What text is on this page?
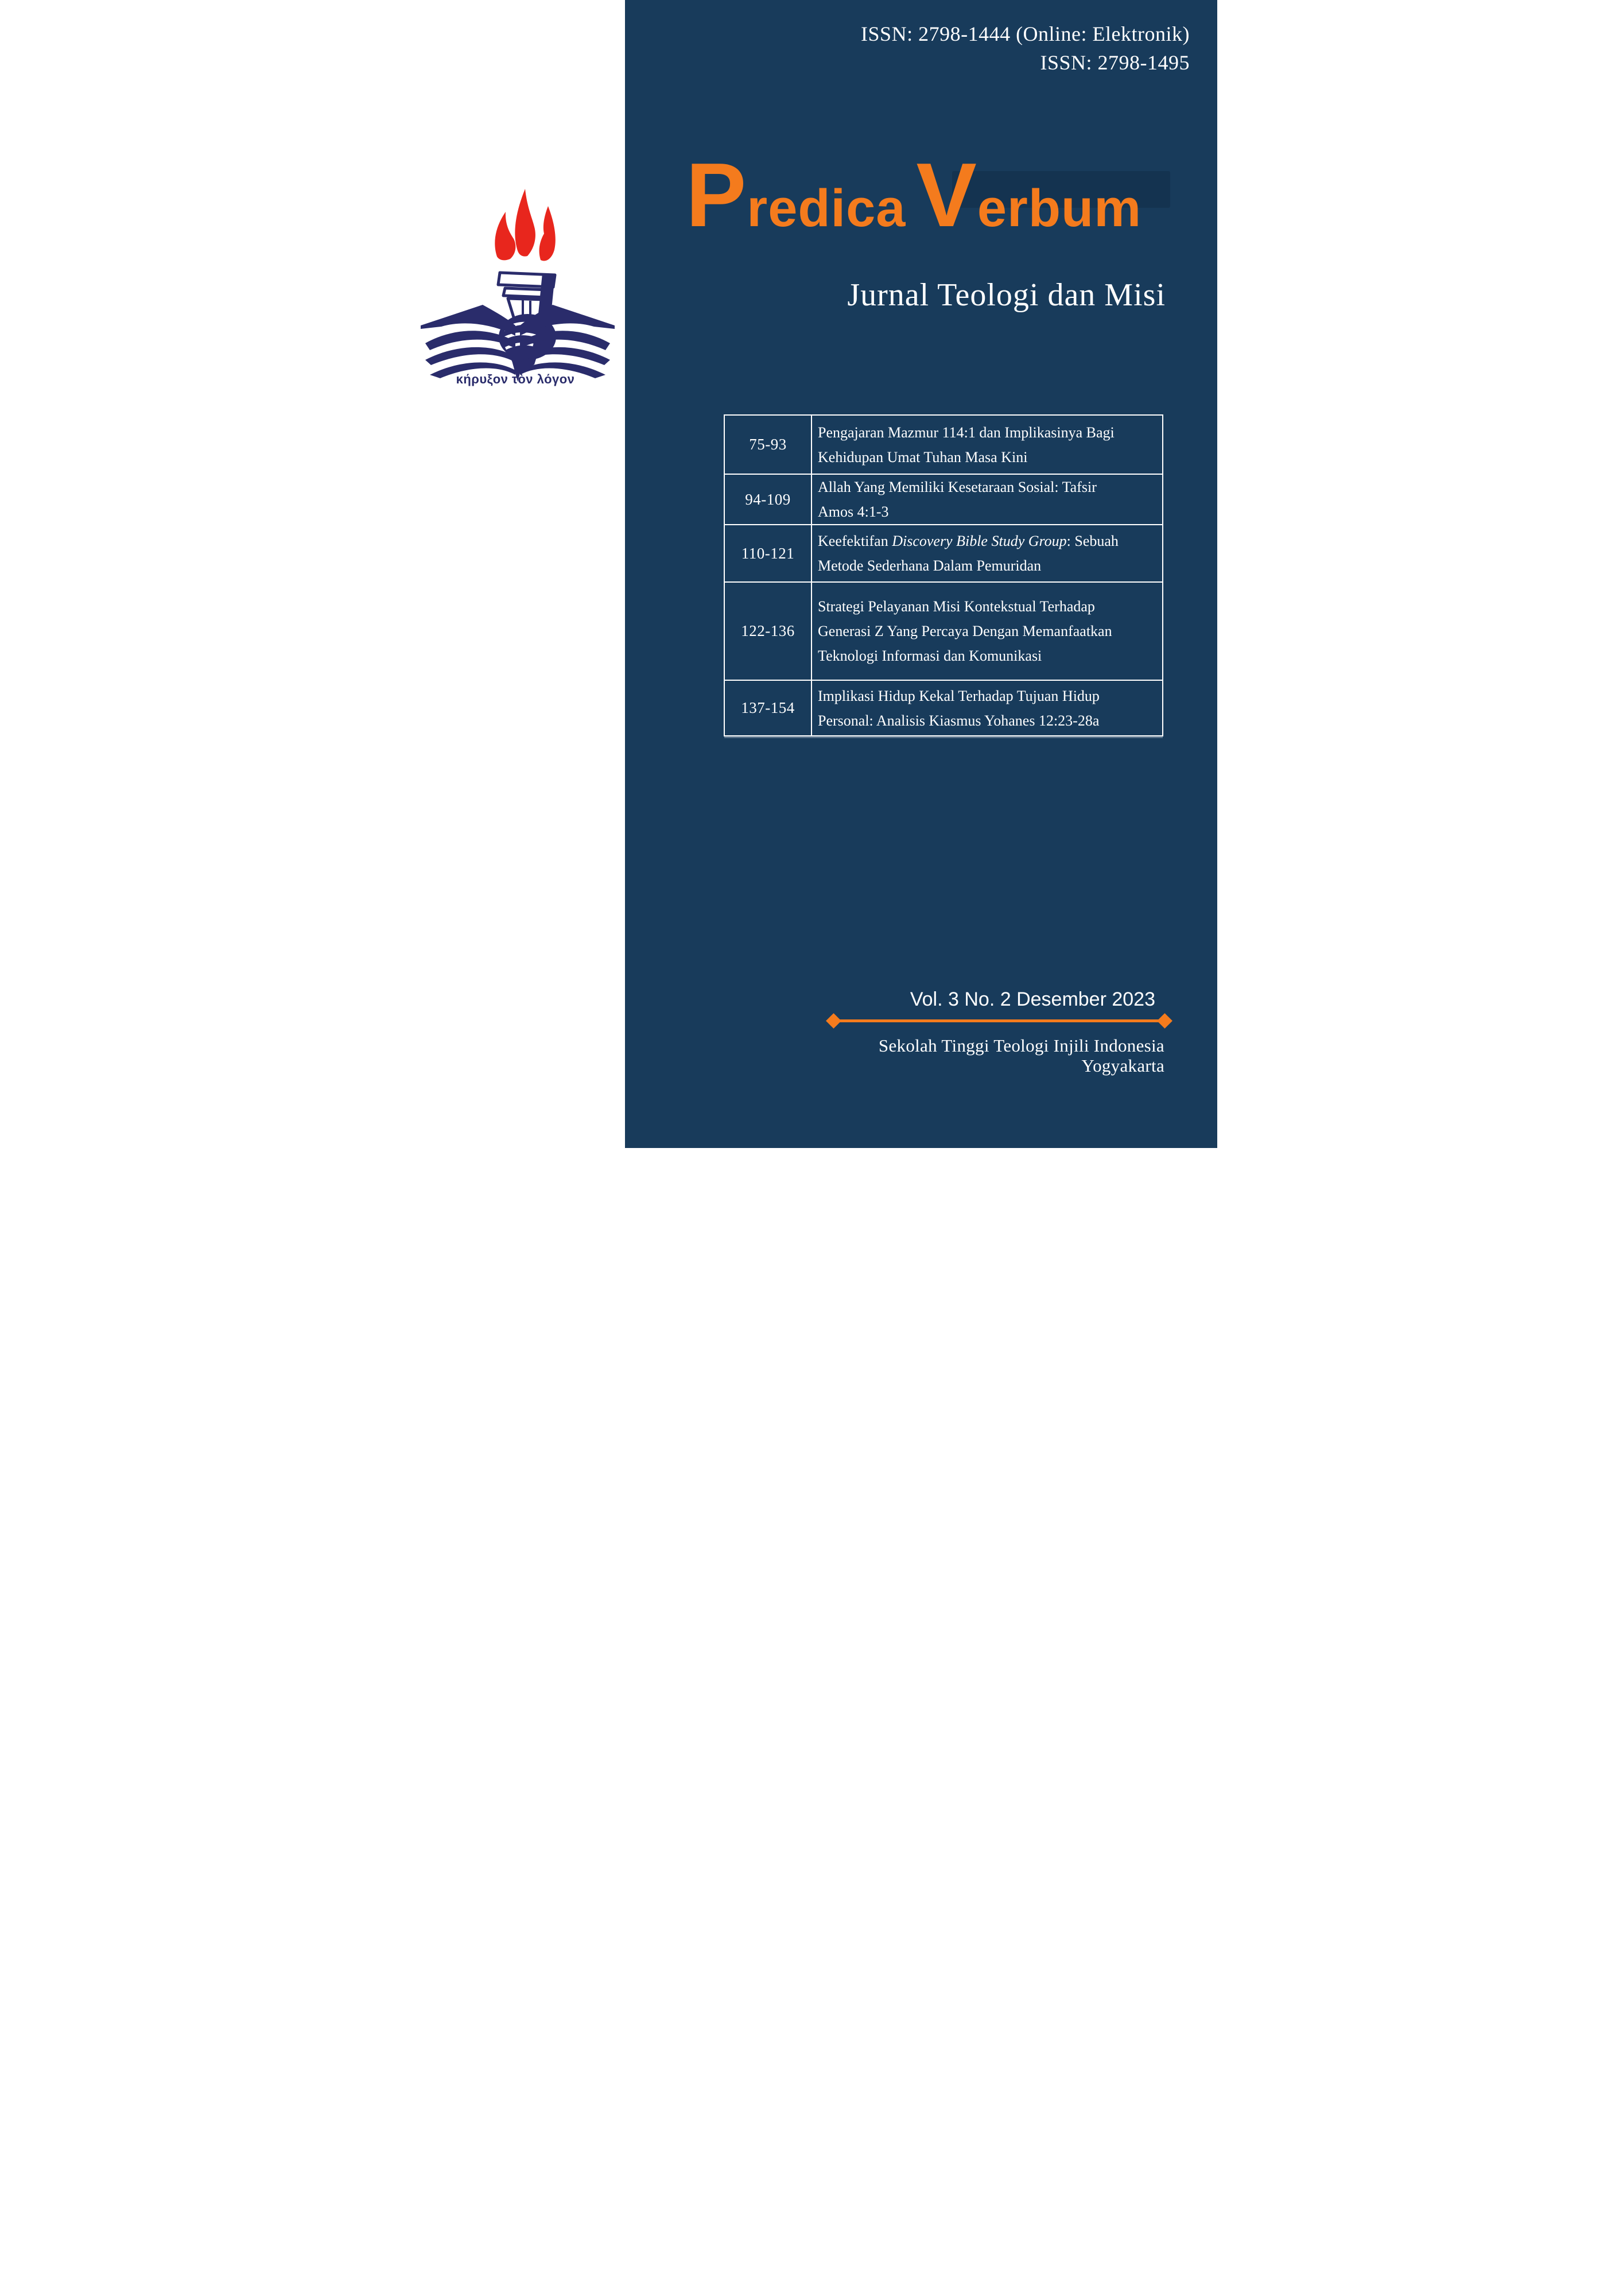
κήρυξον τὸν λόγον
ISSN: 2798-1444 (Online: Elektronik)
ISSN: 2798-1495
Predica Verbum
Jurnal Teologi dan Misi
75-93

Pengajaran Mazmur 114:1 dan Implikasinya Bagi Kehidupan Umat Tuhan Masa Kini

94-109

Allah Yang Memiliki Kesetaraan Sosial: Tafsir Amos 4:1-3

110-121

Keefektifan Discovery Bible Study Group: Sebuah Metode Sederhana Dalam Pemuridan

122-136

Strategi Pelayanan Misi Kontekstual Terhadap Generasi Z Yang Percaya Dengan Memanfaatkan Teknologi Informasi dan Komunikasi

137-154

Implikasi Hidup Kekal Terhadap Tujuan Hidup Personal: Analisis Kiasmus Yohanes 12:23-28a

Vol. 3 No. 2 Desember 2023
Sekolah Tinggi Teologi Injili Indonesia
Yogyakarta
